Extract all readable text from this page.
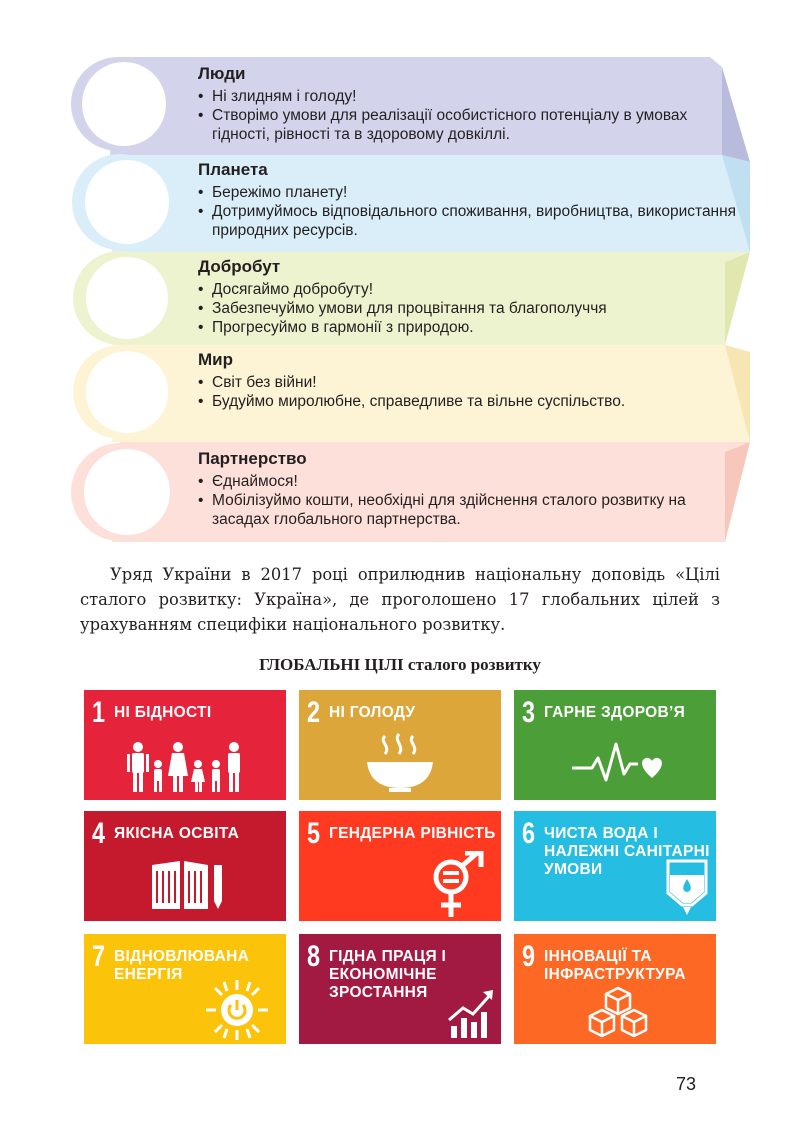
Люди
• Ні злидням і голоду!
• Створімо умови для реалізації особистісного потенціалу в умовах гідності, рівності та в здоровому довкіллі.
Планета
• Бережімо планету!
• Дотримуймось відповідального споживання, виробництва, використання природних ресурсів.
Добробут
• Досягаймо добробуту!
• Забезпечуймо умови для процвітання та благополуччя
• Прогресуймо в гармонії з природою.
Мир
• Світ без війни!
• Будуймо миролюбне, справедливе та вільне суспільство.
Партнерство
• Єднаймося!
• Мобілізуймо кошти, необхідні для здійснення сталого розвитку на засадах глобального партнерства.

Уряд України в 2017 році оприлюднив національну доповідь «Цілі сталого розвитку: Україна», де проголошено 17 глобальних цілей з урахуванням специфіки національного розвитку.

ГЛОБАЛЬНІ ЦІЛІ сталого розвитку
1 НІ БІДНОСТІ	2 НІ ГОЛОДУ	3 ГАРНЕ ЗДОРОВ’Я
4 ЯКІСНА ОСВІТА	5 ГЕНДЕРНА РІВНІСТЬ 6 ЧИСТА ВОДА І НАЛЕЖНІ САНІТАРНІ УМОВИ
7 ВІДНОВЛЮВАНА ЕНЕРГІЯ
8 ГІДНА ПРАЦЯ І ЕКОНОМІЧНЕ ЗРОСТАННЯ
9 ІННОВАЦІЇ ТА ІНФРАСТРУКТУРА
73
